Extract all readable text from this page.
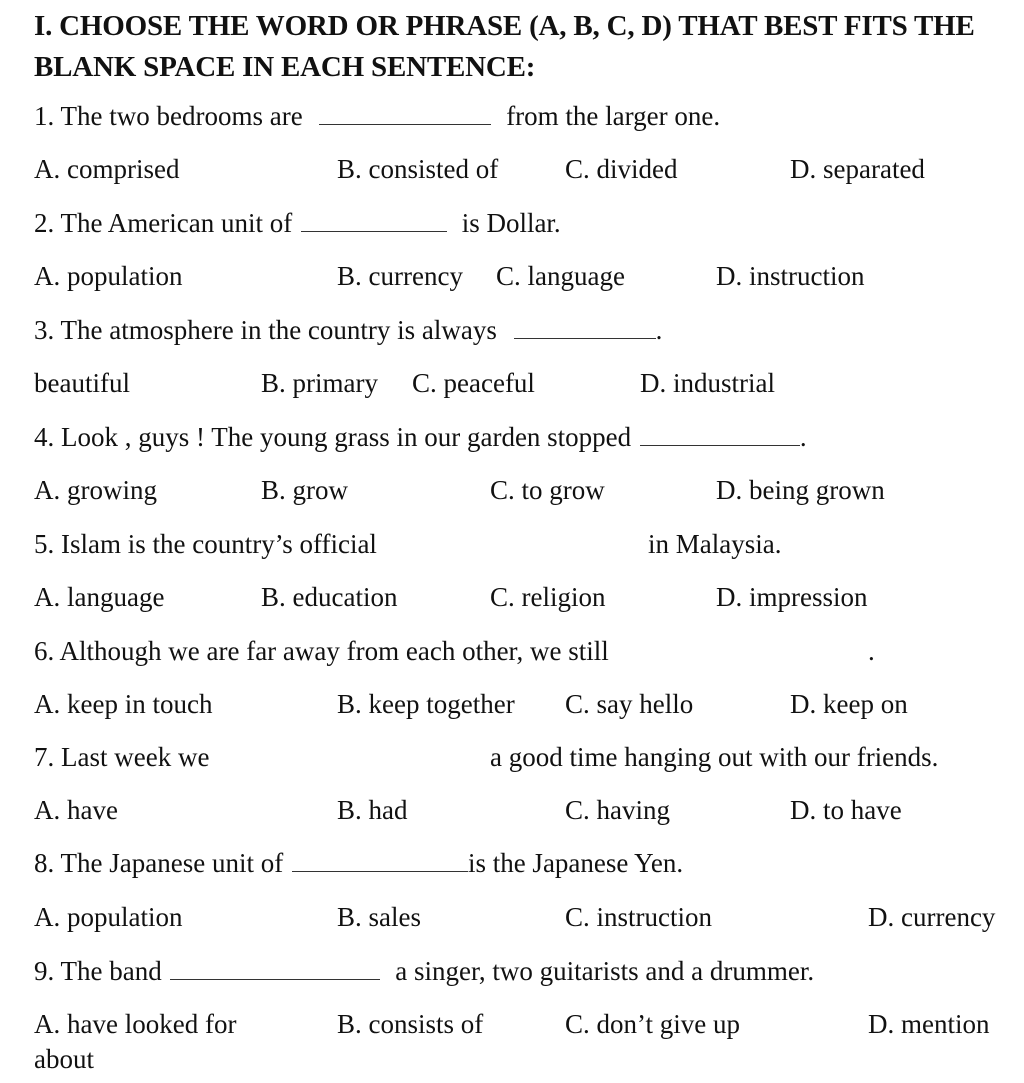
I. CHOOSE THE WORD OR PHRASE (A, B, C, D) THAT BEST FITS THE BLANK SPACE IN EACH SENTENCE:
1. The two bedrooms are	from the larger one.
A. comprised	B. consisted of C. divided	D. separated
2. The American unit of	is Dollar.
A. population	B. currency C. language	D. instruction
3. The atmosphere in the country is always	.
beautiful	B. primary C. peaceful	D. industrial
4. Look , guys ! The young grass in our garden stopped	.
A. growing	B. grow	C. to grow	D. being grown
5. Islam is the country’s official	in Malaysia.
A. language	B. education	C. religion	D. impression
6. Although we are far away from each other, we still	.
A. keep in touch	B. keep together C. say hello	D. keep on
7. Last week we	a good time hanging out with our friends.
A. have	B. had	C. having	D. to have
8. The Japanese unit of	is the Japanese Yen.
A. population	B. sales	C. instruction	D. currency
9. The band	a singer, two guitarists and a drummer.
A. have looked for	B. consists of	C. don’t give up	D. mention
about
